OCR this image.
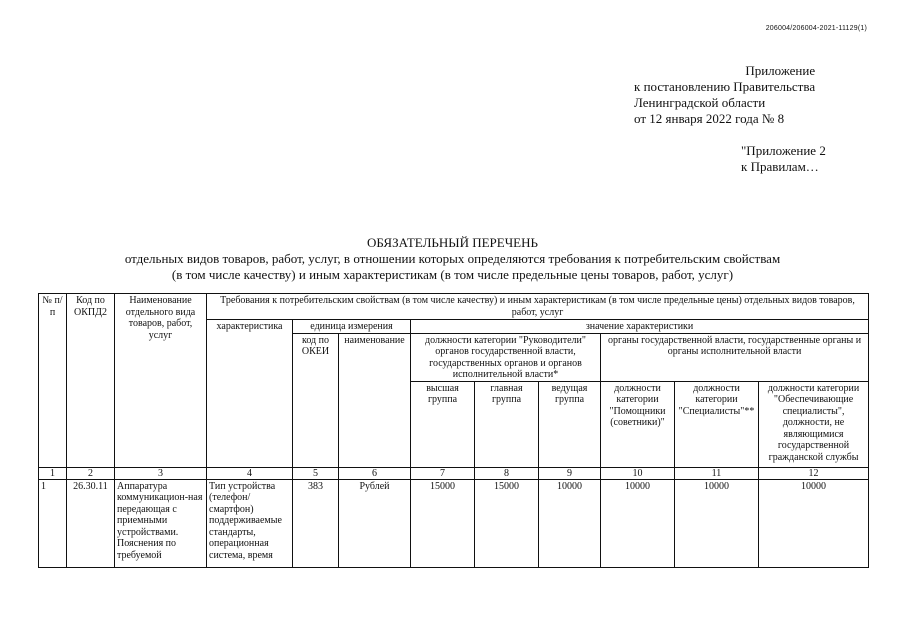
206004/206004-2021-11129(1)
Приложение
к постановлению Правительства
Ленинградской области
от 12 января 2022 года № 8
"Приложение 2
к Правилам…
ОБЯЗАТЕЛЬНЫЙ ПЕРЕЧЕНЬ
отдельных видов товаров, работ, услуг, в отношении которых определяются требования к потребительским свойствам
(в том числе качеству) и иным характеристикам (в том числе предельные цены товаров, работ, услуг)
№ п/п	Код по ОКПД2	Наименование отдельного вида товаров, работ, услуг	Требования к потребительским свойствам (в том числе качеству) и иным характеристикам (в том числе предельные цены) отдельных видов товаров, работ, услуг								
			характеристика	единица измерения		значение характеристики					
				код по ОКЕИ	наименование	должности категории "Руководители" органов государственной власти, государственных органов и органов исполнительной власти*			органы государственной власти, государственные органы и органы исполнительной власти		
						высшая группа	главная группа	ведущая группа	должности категории "Помощники (советники)"	должности категории "Специалисты"**	должности категории "Обеспечивающие специалисты", должности, не являющимися государственной гражданской службы
1	2	3	4	5	6	7	8	9	10	11	12

1	26.30.11	Аппаратура коммуникацион-ная передающая с приемными устройствами. Пояснения по требуемой	Тип устройства (телефон/ смартфон) поддерживаемые стандарты, операционная система, время	383	Рублей	15000	15000	10000	10000	10000	10000
